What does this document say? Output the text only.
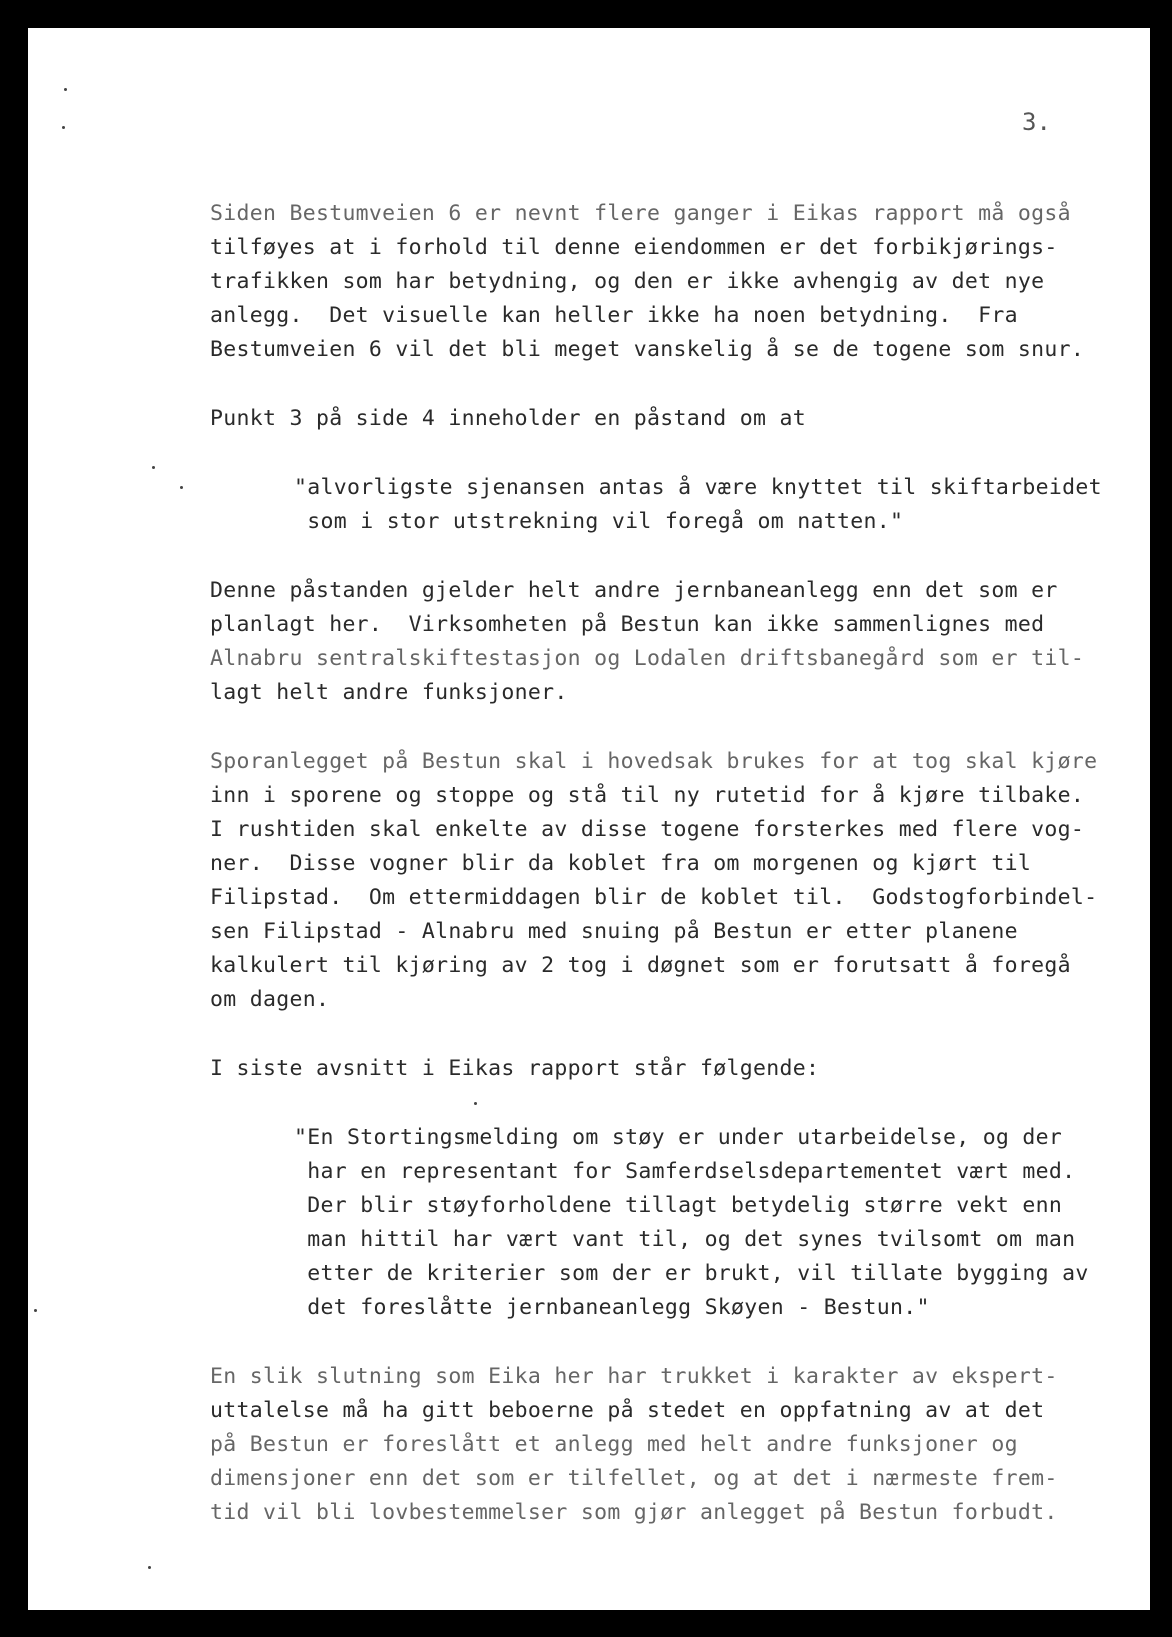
3.
Siden Bestumveien 6 er nevnt flere ganger i Eikas rapport må også
tilføyes at i forhold til denne eiendommen er det forbikjørings-
trafikken som har betydning, og den er ikke avhengig av det nye
anlegg.  Det visuelle kan heller ikke ha noen betydning.  Fra
Bestumveien 6 vil det bli meget vanskelig å se de togene som snur.
Punkt 3 på side 4 inneholder en påstand om at
"alvorligste sjenansen antas å være knyttet til skiftarbeidet
som i stor utstrekning vil foregå om natten."
Denne påstanden gjelder helt andre jernbaneanlegg enn det som er
planlagt her.  Virksomheten på Bestun kan ikke sammenlignes med
Alnabru sentralskiftestasjon og Lodalen driftsbanegård som er til-
lagt helt andre funksjoner.
Sporanlegget på Bestun skal i hovedsak brukes for at tog skal kjøre
inn i sporene og stoppe og stå til ny rutetid for å kjøre tilbake.
I rushtiden skal enkelte av disse togene forsterkes med flere vog-
ner.  Disse vogner blir da koblet fra om morgenen og kjørt til
Filipstad.  Om ettermiddagen blir de koblet til.  Godstogforbindel-
sen Filipstad - Alnabru med snuing på Bestun er etter planene
kalkulert til kjøring av 2 tog i døgnet som er forutsatt å foregå
om dagen.
I siste avsnitt i Eikas rapport står følgende:
"En Stortingsmelding om støy er under utarbeidelse, og der
har en representant for Samferdselsdepartementet vært med.
Der blir støyforholdene tillagt betydelig større vekt enn
man hittil har vært vant til, og det synes tvilsomt om man
etter de kriterier som der er brukt, vil tillate bygging av
det foreslåtte jernbaneanlegg Skøyen - Bestun."
En slik slutning som Eika her har trukket i karakter av ekspert-
uttalelse må ha gitt beboerne på stedet en oppfatning av at det
på Bestun er foreslått et anlegg med helt andre funksjoner og
dimensjoner enn det som er tilfellet, og at det i nærmeste frem-
tid vil bli lovbestemmelser som gjør anlegget på Bestun forbudt.
